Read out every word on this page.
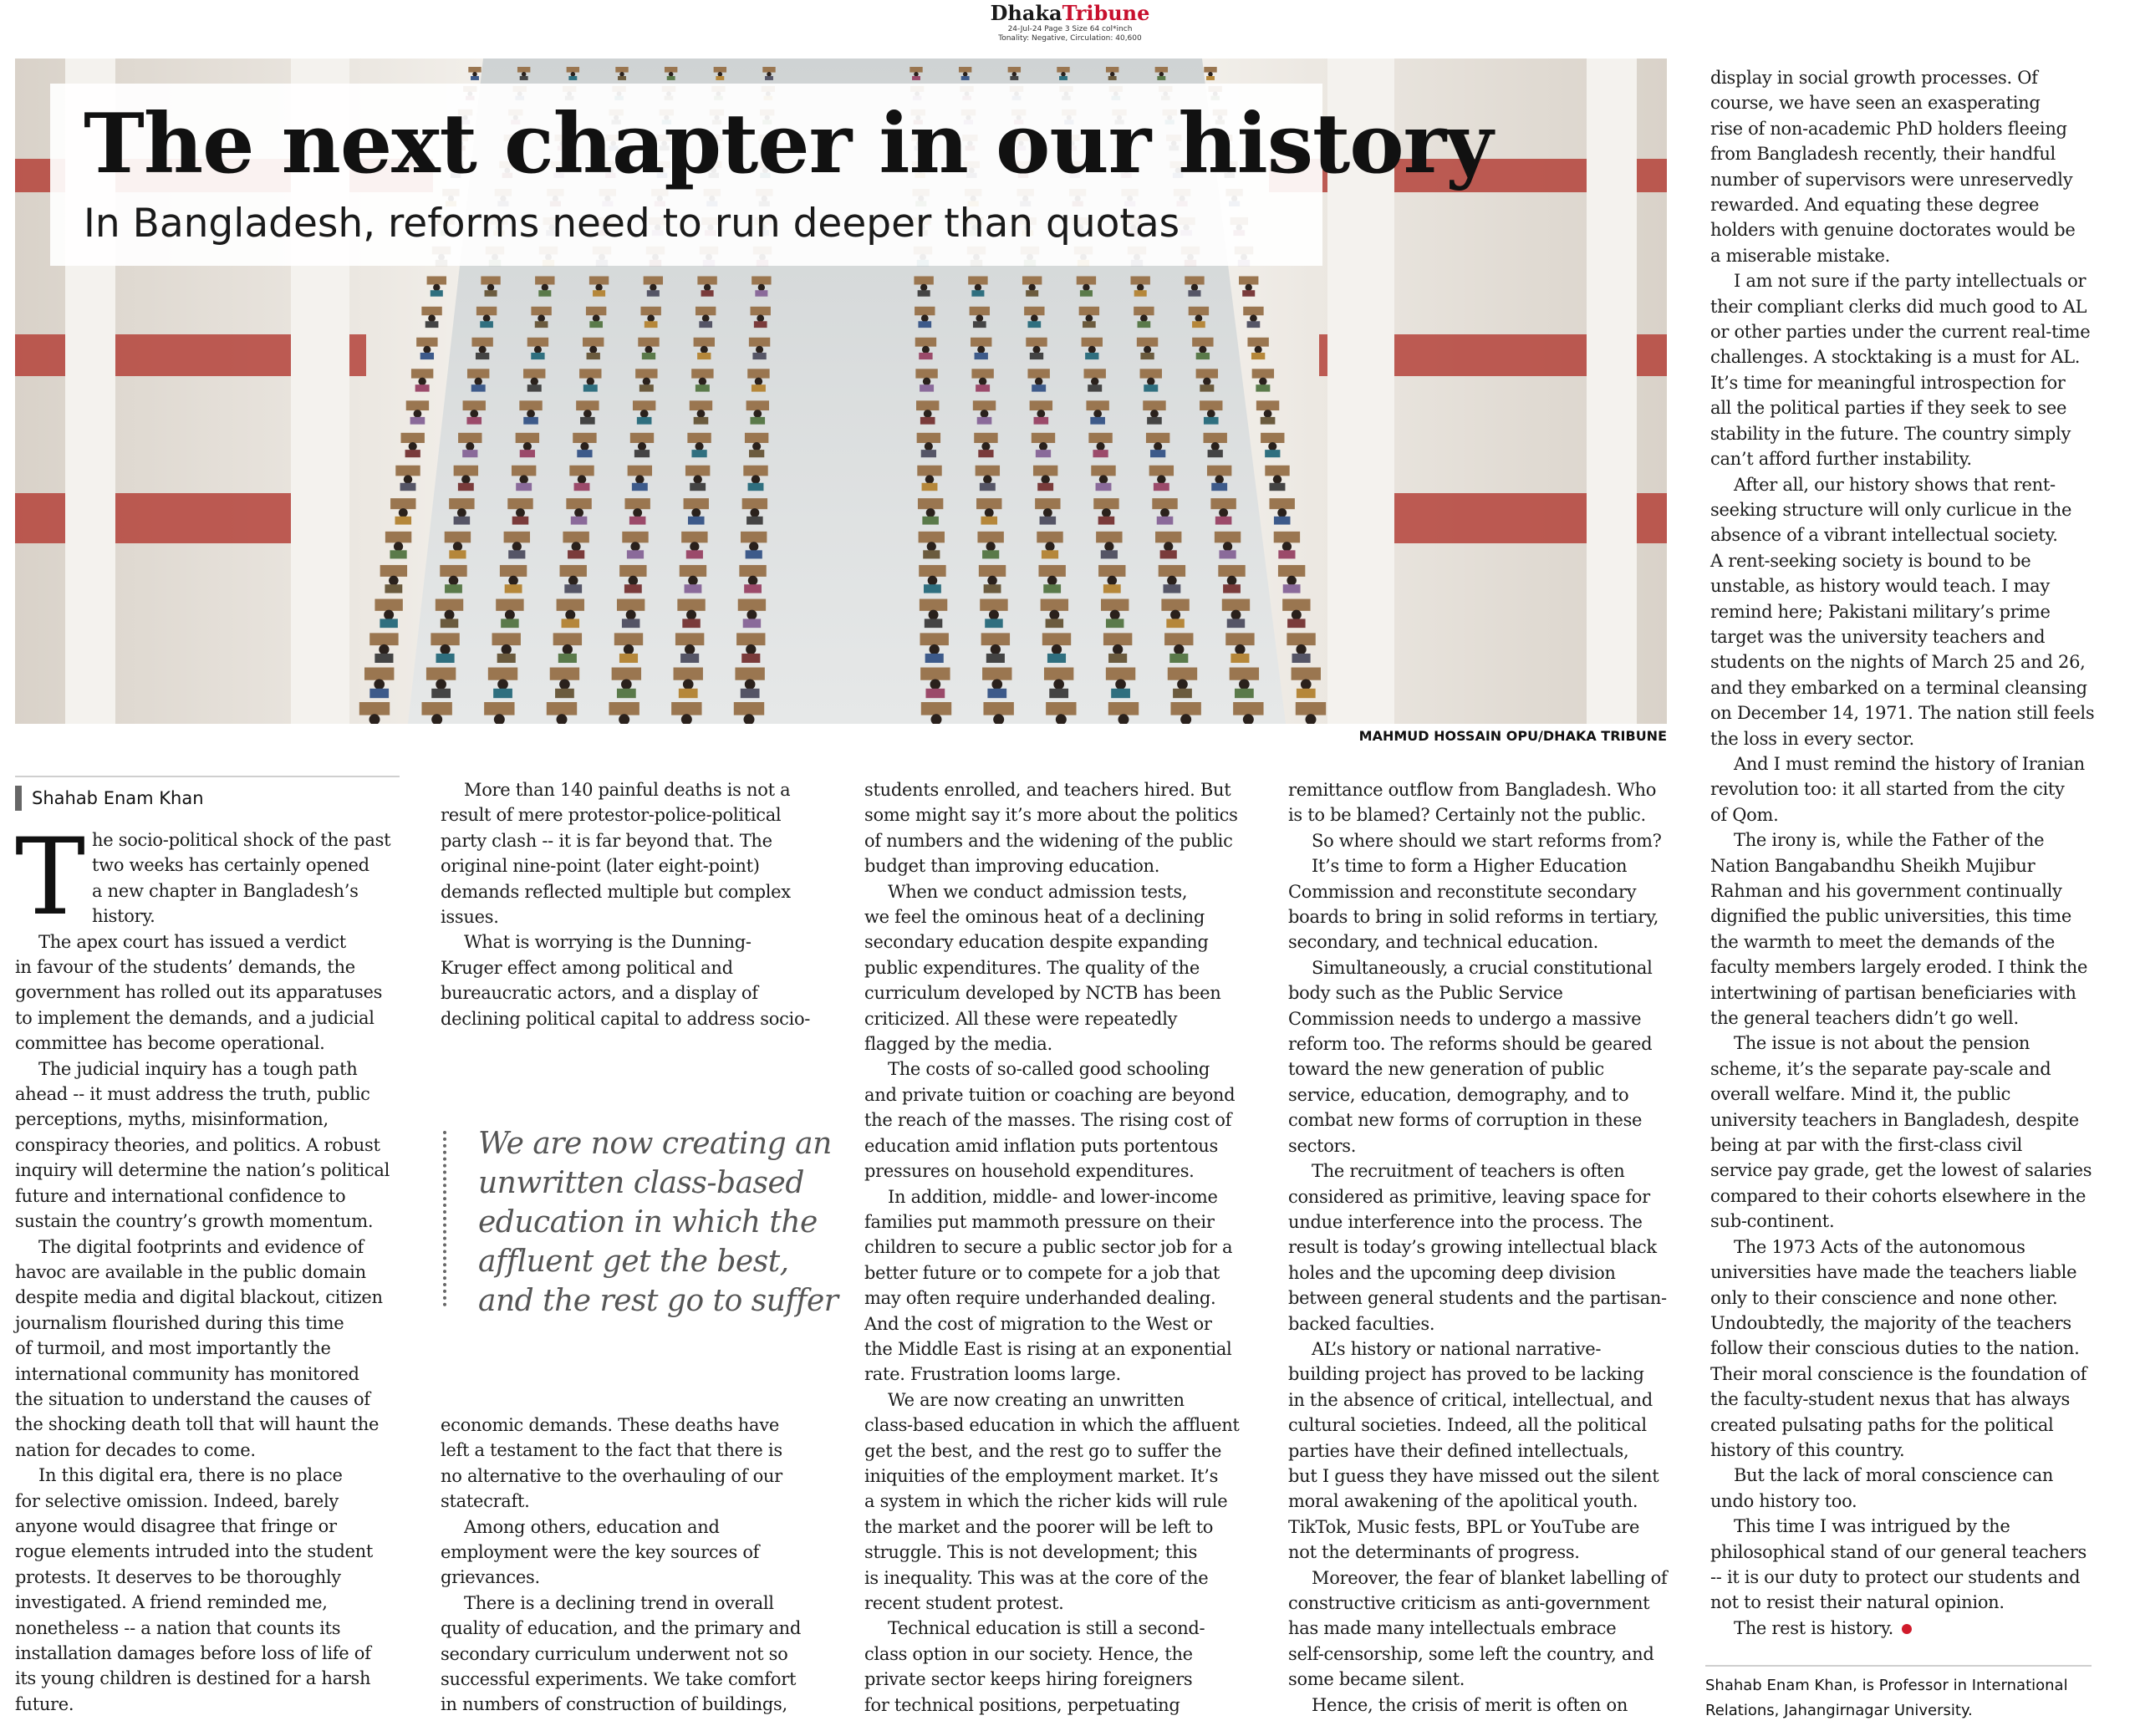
DhakaTribune
24-Jul-24 Page 3 Size 64 col*inch
Tonality: Negative, Circulation: 40,600
The next chapter in our history
In Bangladesh, reforms need to run deeper than quotas
MAHMUD HOSSAIN OPU/DHAKA TRIBUNE
Shahab Enam Khan
T he socio-political shock of the past

two weeks has certainly opened

a new chapter in Bangladesh’s

history.

The apex court has issued a verdict

in favour of the students’ demands, the

government has rolled out its apparatuses

to implement the demands, and a judicial

committee has become operational.

The judicial inquiry has a tough path

ahead -- it must address the truth, public

perceptions, myths, misinformation,

conspiracy theories, and politics. A robust

inquiry will determine the nation’s political

future and international confidence to

sustain the country’s growth momentum.

The digital footprints and evidence of

havoc are available in the public domain

despite media and digital blackout, citizen

journalism flourished during this time

of turmoil, and most importantly the

international community has monitored

the situation to understand the causes of

the shocking death toll that will haunt the

nation for decades to come.

In this digital era, there is no place

for selective omission. Indeed, barely

anyone would disagree that fringe or

rogue elements intruded into the student

protests. It deserves to be thoroughly

investigated. A friend reminded me,

nonetheless -- a nation that counts its

installation damages before loss of life of

its young children is destined for a harsh

future.

More than 140 painful deaths is not a

result of mere protestor-police-political

party clash -- it is far beyond that. The

original nine-point (later eight-point)

demands reflected multiple but complex

issues.

What is worrying is the Dunning-

Kruger effect among political and

bureaucratic actors, and a display of

declining political capital to address socio-

economic demands. These deaths have

left a testament to the fact that there is

no alternative to the overhauling of our

statecraft.

Among others, education and

employment were the key sources of

grievances.

There is a declining trend in overall

quality of education, and the primary and

secondary curriculum underwent not so

successful experiments. We take comfort

in numbers of construction of buildings,

students enrolled, and teachers hired. But

some might say it’s more about the politics

of numbers and the widening of the public

budget than improving education.

When we conduct admission tests,

we feel the ominous heat of a declining

secondary education despite expanding

public expenditures. The quality of the

curriculum developed by NCTB has been

criticized. All these were repeatedly

flagged by the media.

The costs of so-called good schooling

and private tuition or coaching are beyond

the reach of the masses. The rising cost of

education amid inflation puts portentous

pressures on household expenditures.

In addition, middle- and lower-income

families put mammoth pressure on their

children to secure a public sector job for a

better future or to compete for a job that

may often require underhanded dealing.

And the cost of migration to the West or

the Middle East is rising at an exponential

rate. Frustration looms large.

We are now creating an unwritten

class-based education in which the affluent

get the best, and the rest go to suffer the

iniquities of the employment market. It’s

a system in which the richer kids will rule

the market and the poorer will be left to

struggle. This is not development; this

is inequality. This was at the core of the

recent student protest.

Technical education is still a second-

class option in our society. Hence, the

private sector keeps hiring foreigners

for technical positions, perpetuating

remittance outflow from Bangladesh. Who

is to be blamed? Certainly not the public.

So where should we start reforms from?

It’s time to form a Higher Education

Commission and reconstitute secondary

boards to bring in solid reforms in tertiary,

secondary, and technical education.

Simultaneously, a crucial constitutional

body such as the Public Service

Commission needs to undergo a massive

reform too. The reforms should be geared

toward the new generation of public

service, education, demography, and to

combat new forms of corruption in these

sectors.

The recruitment of teachers is often

considered as primitive, leaving space for

undue interference into the process. The

result is today’s growing intellectual black

holes and the upcoming deep division

between general students and the partisan-

backed faculties.

AL’s history or national narrative-

building project has proved to be lacking

in the absence of critical, intellectual, and

cultural societies. Indeed, all the political

parties have their defined intellectuals,

but I guess they have missed out the silent

moral awakening of the apolitical youth.

TikTok, Music fests, BPL or YouTube are

not the determinants of progress.

Moreover, the fear of blanket labelling of

constructive criticism as anti-government

has made many intellectuals embrace

self-censorship, some left the country, and

some became silent.

Hence, the crisis of merit is often on

display in social growth processes. Of

course, we have seen an exasperating

rise of non-academic PhD holders fleeing

from Bangladesh recently, their handful

number of supervisors were unreservedly

rewarded. And equating these degree

holders with genuine doctorates would be

a miserable mistake.

I am not sure if the party intellectuals or

their compliant clerks did much good to AL

or other parties under the current real-time

challenges. A stocktaking is a must for AL.

It’s time for meaningful introspection for

all the political parties if they seek to see

stability in the future. The country simply

can’t afford further instability.

After all, our history shows that rent-

seeking structure will only curlicue in the

absence of a vibrant intellectual society.

A rent-seeking society is bound to be

unstable, as history would teach. I may

remind here; Pakistani military’s prime

target was the university teachers and

students on the nights of March 25 and 26,

and they embarked on a terminal cleansing

on December 14, 1971. The nation still feels

the loss in every sector.

And I must remind the history of Iranian

revolution too: it all started from the city

of Qom.

The irony is, while the Father of the

Nation Bangabandhu Sheikh Mujibur

Rahman and his government continually

dignified the public universities, this time

the warmth to meet the demands of the

faculty members largely eroded. I think the

intertwining of partisan beneficiaries with

the general teachers didn’t go well.

The issue is not about the pension

scheme, it’s the separate pay-scale and

overall welfare. Mind it, the public

university teachers in Bangladesh, despite

being at par with the first-class civil

service pay grade, get the lowest of salaries

compared to their cohorts elsewhere in the

sub-continent.

The 1973 Acts of the autonomous

universities have made the teachers liable

only to their conscience and none other.

Undoubtedly, the majority of the teachers

follow their conscious duties to the nation.

Their moral conscience is the foundation of

the faculty-student nexus that has always

created pulsating paths for the political

history of this country.

But the lack of moral conscience can

undo history too.

This time I was intrigued by the

philosophical stand of our general teachers

-- it is our duty to protect our students and

not to resist their natural opinion.

The rest is history.

We are now creating an
unwritten class-based
education in which the
affluent get the best,
and the rest go to suffer
Shahab Enam Khan, is Professor in International
Relations, Jahangirnagar University.
